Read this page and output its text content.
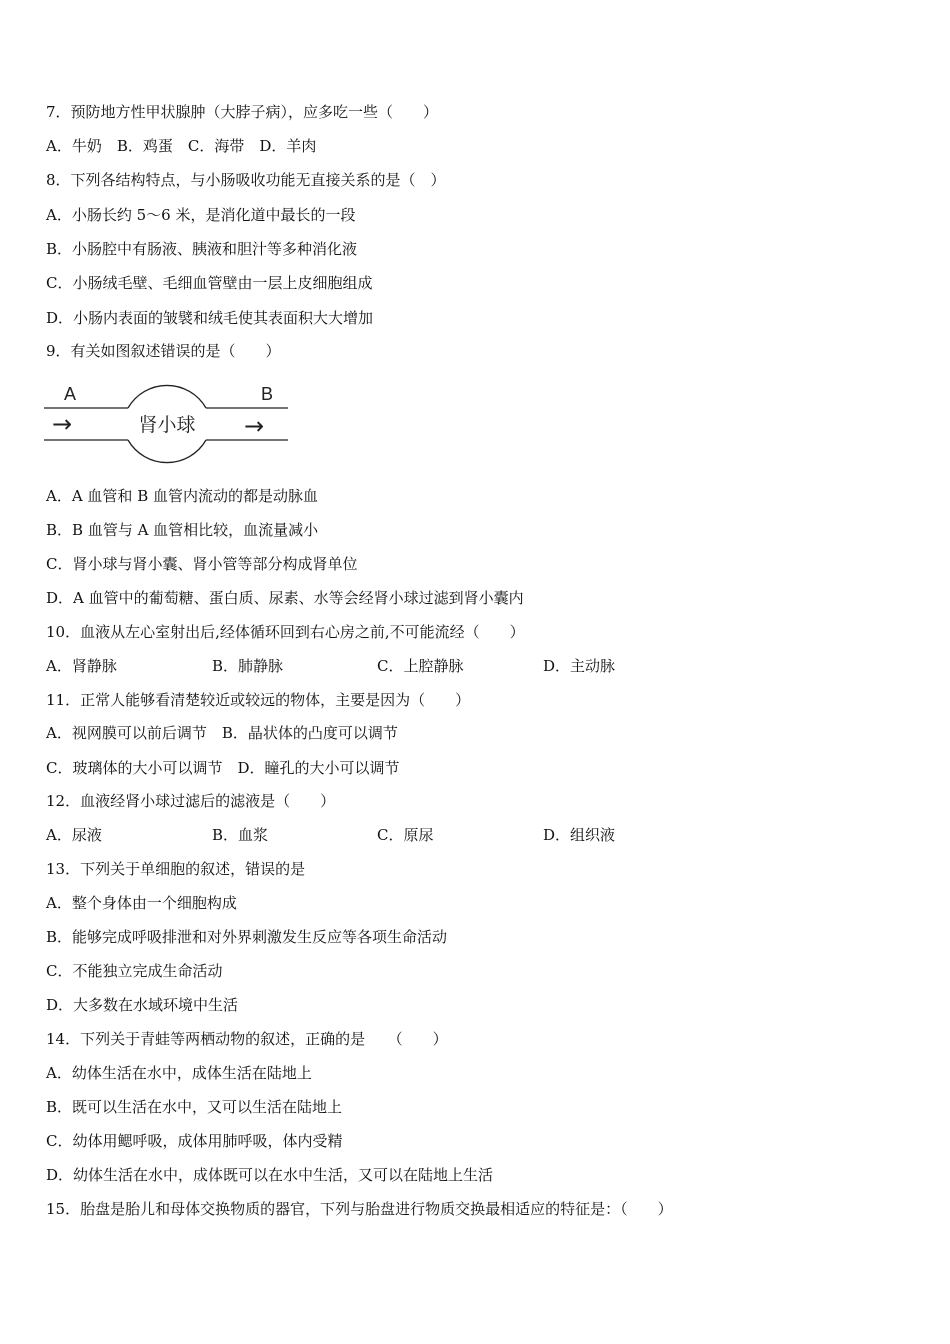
7．预防地方性甲状腺肿（大脖子病），应多吃一些（　　）
A．牛奶　B．鸡蛋　C．海带　D．羊肉
8．下列各结构特点，与小肠吸收功能无直接关系的是（　）
A．小肠长约 5～6 米，是消化道中最长的一段
B．小肠腔中有肠液、胰液和胆汁等多种消化液
C．小肠绒毛壁、毛细血管壁由一层上皮细胞组成
D．小肠内表面的皱襞和绒毛使其表面积大大增加
9．有关如图叙述错误的是（　　）
A	B
→	→
肾小球
A．A 血管和 B 血管内流动的都是动脉血
B．B 血管与 A 血管相比较，血流量减小
C．肾小球与肾小囊、肾小管等部分构成肾单位
D．A 血管中的葡萄糖、蛋白质、尿素、水等会经肾小球过滤到肾小囊内
10．血液从左心室射出后,经体循环回到右心房之前,不可能流经（　　）
A．肾静脉	B．肺静脉	C．上腔静脉	D．主动脉
11．正常人能够看清楚较近或较远的物体，主要是因为（　　）
A．视网膜可以前后调节　B．晶状体的凸度可以调节
C．玻璃体的大小可以调节　D．瞳孔的大小可以调节
12．血液经肾小球过滤后的滤液是（　　）
A．尿液	B．血浆	C．原尿	D．组织液
13．下列关于单细胞的叙述，错误的是
A．整个身体由一个细胞构成
B．能够完成呼吸排泄和对外界刺激发生反应等各项生命活动
C．不能独立完成生命活动
D．大多数在水域环境中生活
14．下列关于青蛙等两栖动物的叙述，正确的是　　（　　）
A．幼体生活在水中，成体生活在陆地上
B．既可以生活在水中，又可以生活在陆地上
C．幼体用鳃呼吸，成体用肺呼吸，体内受精
D．幼体生活在水中，成体既可以在水中生活，又可以在陆地上生活
15．胎盘是胎儿和母体交换物质的器官，下列与胎盘进行物质交换最相适应的特征是：（　　）
